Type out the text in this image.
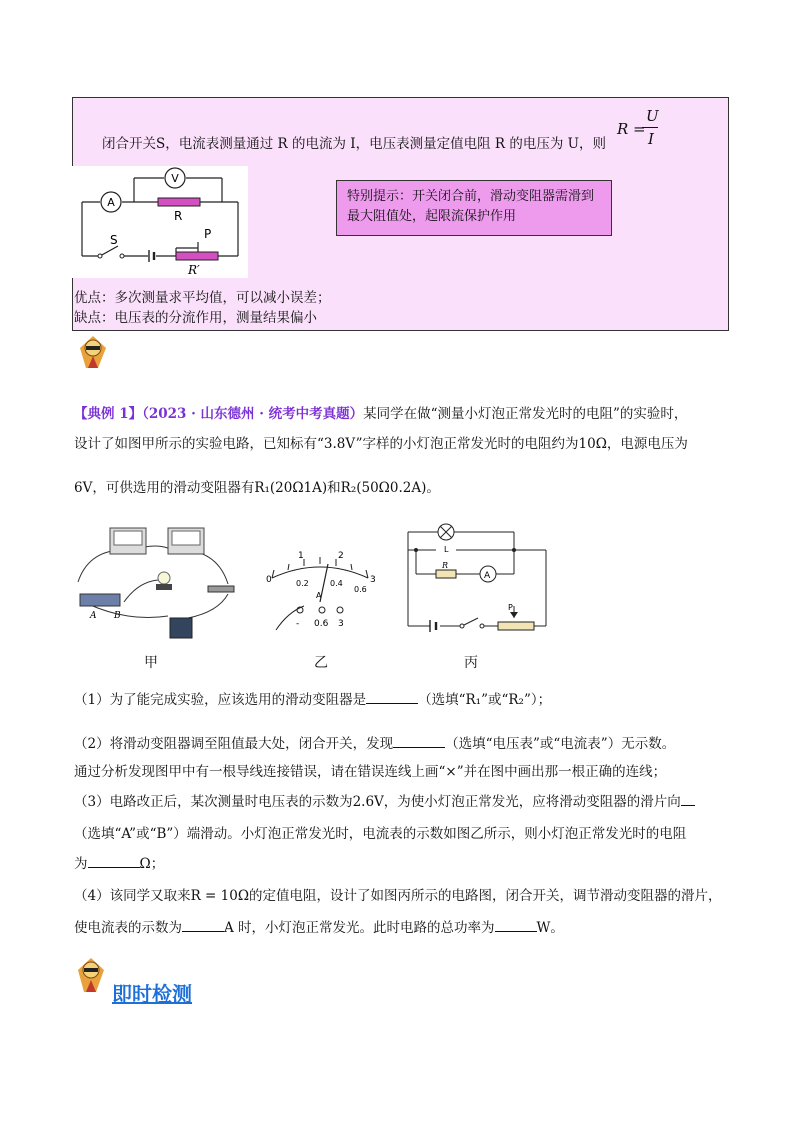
闭合开关S，电流表测量通过 R 的电流为 I，电压表测量定值电阻 R 的电压为 U，则
R =
U
I
A
V
R
S	P
R′
特别提示：开关闭合前，滑动变阻器需滑到最大阻值处，起限流保护作用
优点：多次测量求平均值，可以减小误差；
缺点：电压表的分流作用，测量结果偏小
【典例 1】（2023 · 山东德州 · 统考中考真题）某同学在做“测量小灯泡正常发光时的电阻”的实验时，
设计了如图甲所示的实验电路，已知标有“3.8V”字样的小灯泡正常发光时的电阻约为10Ω，电源电压为
6V，可供选用的滑动变阻器有R₁(20Ω1A)和R₂(50Ω0.2A)。
A B
0
1	2
3
0.2	0.4
0.6
A
- 0.6 3
L
R
A
P
甲	乙	丙
（1）为了能完成实验，应该选用的滑动变阻器是	（选填“R₁”或“R₂”）；
（2）将滑动变阻器调至阻值最大处，闭合开关，发现	（选填“电压表”或“电流表”）无示数。
通过分析发现图甲中有一根导线连接错误，请在错误连线上画“×”并在图中画出那一根正确的连线；
（3）电路改正后，某次测量时电压表的示数为2.6V，为使小灯泡正常发光，应将滑动变阻器的滑片向
（选填“A”或“B”）端滑动。小灯泡正常发光时，电流表的示数如图乙所示，则小灯泡正常发光时的电阻
为	Ω；
（4）该同学又取来R = 10Ω的定值电阻，设计了如图丙所示的电路图，闭合开关，调节滑动变阻器的滑片，
使电流表的示数为	A 时，小灯泡正常发光。此时电路的总功率为	W。
即时检测
